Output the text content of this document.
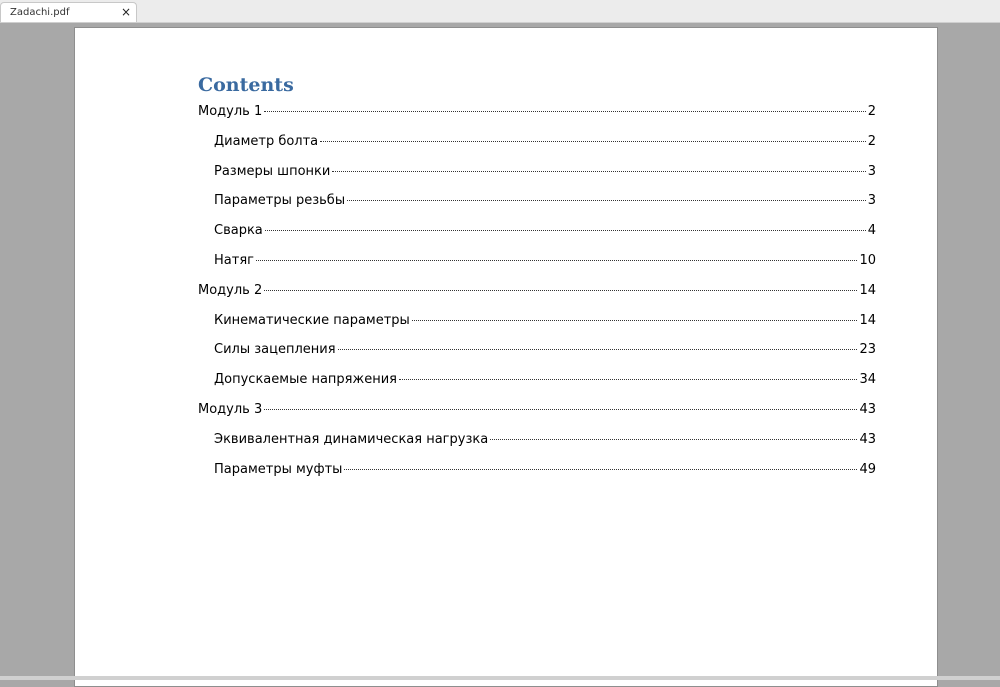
Zadachi.pdf	×
Contents
Модуль 1	2
Диаметр болта	2
Размеры шпонки	3
Параметры резьбы	3
Сварка	4
Натяг	10
Модуль 2	14
Кинематические параметры	14
Силы зацепления	23
Допускаемые напряжения	34
Модуль 3	43
Эквивалентная динамическая нагрузка	43
Параметры муфты	49
